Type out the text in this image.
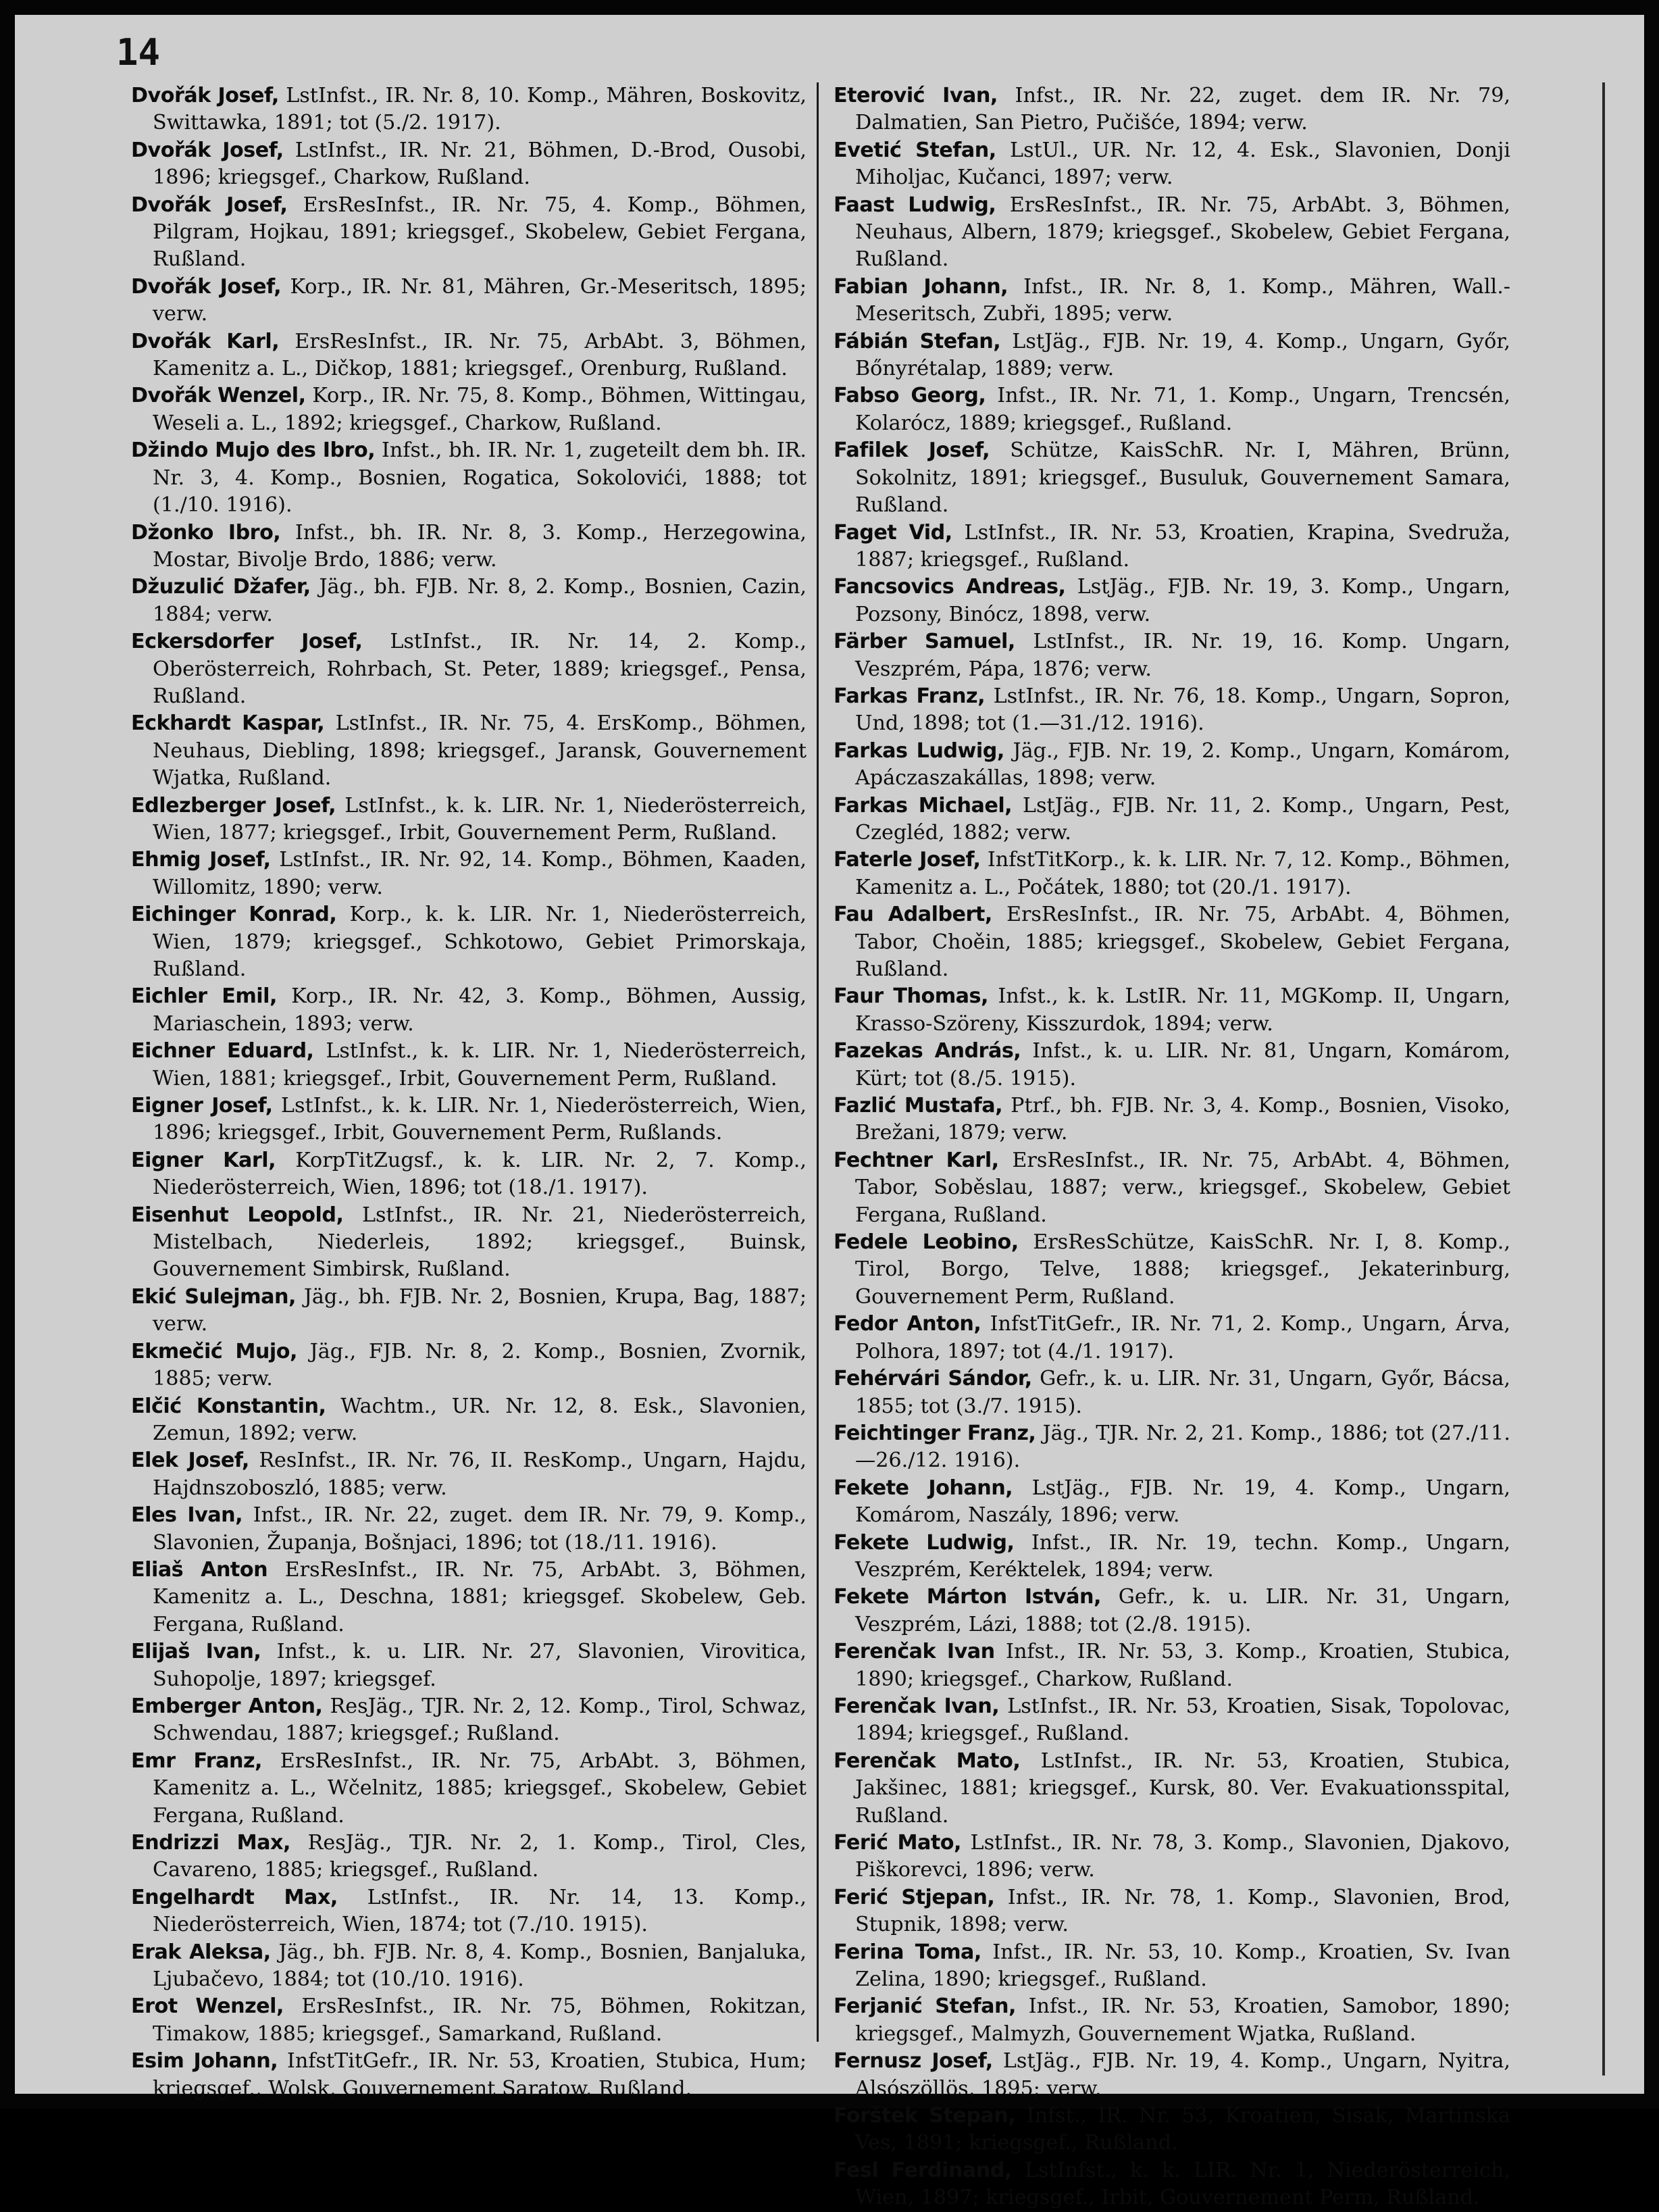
14

Dvořák Josef, LstInfst., IR. Nr. 8, 10. Komp., Mähren, Boskovitz, Swittawka, 1891; tot (5./2. 1917).

Dvořák Josef, LstInfst., IR. Nr. 21, Böhmen, D.-Brod, Ousobi, 1896; kriegsgef., Charkow, Rußland.

Dvořák Josef, ErsResInfst., IR. Nr. 75, 4. Komp., Böhmen, Pilgram, Hojkau, 1891; kriegsgef., Skobelew, Gebiet Fergana, Rußland.

Dvořák Josef, Korp., IR. Nr. 81, Mähren, Gr.-Meseritsch, 1895; verw.

Dvořák Karl, ErsResInfst., IR. Nr. 75, ArbAbt. 3, Böhmen, Kamenitz a. L., Dičkop, 1881; kriegsgef., Orenburg, Rußland.

Dvořák Wenzel, Korp., IR. Nr. 75, 8. Komp., Böhmen, Wittingau, Weseli a. L., 1892; kriegsgef., Charkow, Rußland.

Džindo Mujo des Ibro, Infst., bh. IR. Nr. 1, zugeteilt dem bh. IR. Nr. 3, 4. Komp., Bosnien, Rogatica, Sokolovići, 1888; tot (1./10. 1916).

Džonko Ibro, Infst., bh. IR. Nr. 8, 3. Komp., Herzegowina, Mostar, Bivolje Brdo, 1886; verw.

Džuzulić Džafer, Jäg., bh. FJB. Nr. 8, 2. Komp., Bosnien, Cazin, 1884; verw.

Eckersdorfer Josef, LstInfst., IR. Nr. 14, 2. Komp., Oberösterreich, Rohrbach, St. Peter, 1889; kriegsgef., Pensa, Rußland.

Eckhardt Kaspar, LstInfst., IR. Nr. 75, 4. ErsKomp., Böhmen, Neuhaus, Diebling, 1898; kriegsgef., Jaransk, Gouvernement Wjatka, Rußland.

Edlezberger Josef, LstInfst., k. k. LIR. Nr. 1, Niederösterreich, Wien, 1877; kriegsgef., Irbit, Gouvernement Perm, Rußland.

Ehmig Josef, LstInfst., IR. Nr. 92, 14. Komp., Böhmen, Kaaden, Willomitz, 1890; verw.

Eichinger Konrad, Korp., k. k. LIR. Nr. 1, Niederösterreich, Wien, 1879; kriegsgef., Schkotowo, Gebiet Primorskaja, Rußland.

Eichler Emil, Korp., IR. Nr. 42, 3. Komp., Böhmen, Aussig, Mariaschein, 1893; verw.

Eichner Eduard, LstInfst., k. k. LIR. Nr. 1, Niederösterreich, Wien, 1881; kriegsgef., Irbit, Gouvernement Perm, Rußland.

Eigner Josef, LstInfst., k. k. LIR. Nr. 1, Niederösterreich, Wien, 1896; kriegsgef., Irbit, Gouvernement Perm, Rußlands.

Eigner Karl, KorpTitZugsf., k. k. LIR. Nr. 2, 7. Komp., Niederösterreich, Wien, 1896; tot (18./1. 1917).

Eisenhut Leopold, LstInfst., IR. Nr. 21, Niederösterreich, Mistelbach, Niederleis, 1892; kriegsgef., Buinsk, Gouvernement Simbirsk, Rußland.

Ekić Sulejman, Jäg., bh. FJB. Nr. 2, Bosnien, Krupa, Bag, 1887; verw.

Ekmečić Mujo, Jäg., FJB. Nr. 8, 2. Komp., Bosnien, Zvornik, 1885; verw.

Elčić Konstantin, Wachtm., UR. Nr. 12, 8. Esk., Slavonien, Zemun, 1892; verw.

Elek Josef, ResInfst., IR. Nr. 76, II. ResKomp., Ungarn, Hajdu, Hajdnszoboszló, 1885; verw.

Eles Ivan, Infst., IR. Nr. 22, zuget. dem IR. Nr. 79, 9. Komp., Slavonien, Županja, Bošnjaci, 1896; tot (18./11. 1916).

Eliaš Anton ErsResInfst., IR. Nr. 75, ArbAbt. 3, Böhmen, Kamenitz a. L., Deschna, 1881; kriegsgef. Skobelew, Geb. Fergana, Rußland.

Elijaš Ivan, Infst., k. u. LIR. Nr. 27, Slavonien, Virovitica, Suhopolje, 1897; kriegsgef.

Emberger Anton, ResJäg., TJR. Nr. 2, 12. Komp., Tirol, Schwaz, Schwendau, 1887; kriegsgef.; Rußland.

Emr Franz, ErsResInfst., IR. Nr. 75, ArbAbt. 3, Böhmen, Kamenitz a. L., Wčelnitz, 1885; kriegsgef., Skobelew, Gebiet Fergana, Rußland.

Endrizzi Max, ResJäg., TJR. Nr. 2, 1. Komp., Tirol, Cles, Cavareno, 1885; kriegsgef., Rußland.

Engelhardt Max, LstInfst., IR. Nr. 14, 13. Komp., Niederösterreich, Wien, 1874; tot (7./10. 1915).

Erak Aleksa, Jäg., bh. FJB. Nr. 8, 4. Komp., Bosnien, Banjaluka, Ljubačevo, 1884; tot (10./10. 1916).

Erot Wenzel, ErsResInfst., IR. Nr. 75, Böhmen, Rokitzan, Timakow, 1885; kriegsgef., Samarkand, Rußland.

Esim Johann, InfstTitGefr., IR. Nr. 53, Kroatien, Stubica, Hum; kriegsgef., Wolsk, Gouvernement Saratow, Rußland.

Eterović Ivan, Infst., IR. Nr. 22, zuget. dem IR. Nr. 79, Dalmatien, San Pietro, Pučišće, 1894; verw.

Evetić Stefan, LstUl., UR. Nr. 12, 4. Esk., Slavonien, Donji Miholjac, Kučanci, 1897; verw.

Faast Ludwig, ErsResInfst., IR. Nr. 75, ArbAbt. 3, Böhmen, Neuhaus, Albern, 1879; kriegsgef., Skobelew, Gebiet Fergana, Rußland.

Fabian Johann, Infst., IR. Nr. 8, 1. Komp., Mähren, Wall.-Meseritsch, Zubři, 1895; verw.

Fábián Stefan, LstJäg., FJB. Nr. 19, 4. Komp., Ungarn, Győr, Bőnyrétalap, 1889; verw.

Fabso Georg, Infst., IR. Nr. 71, 1. Komp., Ungarn, Trencsén, Kolarócz, 1889; kriegsgef., Rußland.

Fafilek Josef, Schütze, KaisSchR. Nr. I, Mähren, Brünn, Sokolnitz, 1891; kriegsgef., Busuluk, Gouvernement Samara, Rußland.

Faget Vid, LstInfst., IR. Nr. 53, Kroatien, Krapina, Svedruža, 1887; kriegsgef., Rußland.

Fancsovics Andreas, LstJäg., FJB. Nr. 19, 3. Komp., Ungarn, Pozsony, Binócz, 1898, verw.

Färber Samuel, LstInfst., IR. Nr. 19, 16. Komp. Ungarn, Veszprém, Pápa, 1876; verw.

Farkas Franz, LstInfst., IR. Nr. 76, 18. Komp., Ungarn, Sopron, Und, 1898; tot (1.—31./12. 1916).

Farkas Ludwig, Jäg., FJB. Nr. 19, 2. Komp., Ungarn, Komárom, Apáczaszakállas, 1898; verw.

Farkas Michael, LstJäg., FJB. Nr. 11, 2. Komp., Ungarn, Pest, Czegléd, 1882; verw.

Faterle Josef, InfstTitKorp., k. k. LIR. Nr. 7, 12. Komp., Böhmen, Kamenitz a. L., Počátek, 1880; tot (20./1. 1917).

Fau Adalbert, ErsResInfst., IR. Nr. 75, ArbAbt. 4, Böhmen, Tabor, Choěin, 1885; kriegsgef., Skobelew, Gebiet Fergana, Rußland.

Faur Thomas, Infst., k. k. LstIR. Nr. 11, MGKomp. II, Ungarn, Krasso-Szöreny, Kisszurdok, 1894; verw.

Fazekas András, Infst., k. u. LIR. Nr. 81, Ungarn, Komárom, Kürt; tot (8./5. 1915).

Fazlić Mustafa, Ptrf., bh. FJB. Nr. 3, 4. Komp., Bosnien, Visoko, Brežani, 1879; verw.

Fechtner Karl, ErsResInfst., IR. Nr. 75, ArbAbt. 4, Böhmen, Tabor, Soběslau, 1887; verw., kriegsgef., Skobelew, Gebiet Fergana, Rußland.

Fedele Leobino, ErsResSchütze, KaisSchR. Nr. I, 8. Komp., Tirol, Borgo, Telve, 1888; kriegsgef., Jekaterinburg, Gouvernement Perm, Rußland.

Fedor Anton, InfstTitGefr., IR. Nr. 71, 2. Komp., Ungarn, Árva, Polhora, 1897; tot (4./1. 1917).

Fehérvári Sándor, Gefr., k. u. LIR. Nr. 31, Ungarn, Győr, Bácsa, 1855; tot (3./7. 1915).

Feichtinger Franz, Jäg., TJR. Nr. 2, 21. Komp., 1886; tot (27./11.—26./12. 1916).

Fekete Johann, LstJäg., FJB. Nr. 19, 4. Komp., Ungarn, Komárom, Naszály, 1896; verw.

Fekete Ludwig, Infst., IR. Nr. 19, techn. Komp., Ungarn, Veszprém, Keréktelek, 1894; verw.

Fekete Márton István, Gefr., k. u. LIR. Nr. 31, Ungarn, Veszprém, Lázi, 1888; tot (2./8. 1915).

Ferenčak Ivan Infst., IR. Nr. 53, 3. Komp., Kroatien, Stubica, 1890; kriegsgef., Charkow, Rußland.

Ferenčak Ivan, LstInfst., IR. Nr. 53, Kroatien, Sisak, Topolovac, 1894; kriegsgef., Rußland.

Ferenčak Mato, LstInfst., IR. Nr. 53, Kroatien, Stubica, Jakšinec, 1881; kriegsgef., Kursk, 80. Ver. Evakuationsspital, Rußland.

Ferić Mato, LstInfst., IR. Nr. 78, 3. Komp., Slavonien, Djakovo, Piškorevci, 1896; verw.

Ferić Stjepan, Infst., IR. Nr. 78, 1. Komp., Slavonien, Brod, Stupnik, 1898; verw.

Ferina Toma, Infst., IR. Nr. 53, 10. Komp., Kroatien, Sv. Ivan Zelina, 1890; kriegsgef., Rußland.

Ferjanić Stefan, Infst., IR. Nr. 53, Kroatien, Samobor, 1890; kriegsgef., Malmyzh, Gouvernement Wjatka, Rußland.

Fernusz Josef, LstJäg., FJB. Nr. 19, 4. Komp., Ungarn, Nyitra, Alsószöllös, 1895; verw.

Forštek Stepan, Infst., IR. Nr. 53, Kroatien, Sisak, Martinska Ves, 1891; kriegsgef., Rußland.

Fesl Ferdinand, LstInfst., k. k. LIR. Nr. 1, Niederösterreich, Wien, 1897; kriegsgef., Irbit, Gouvernement Perm, Rußland.
